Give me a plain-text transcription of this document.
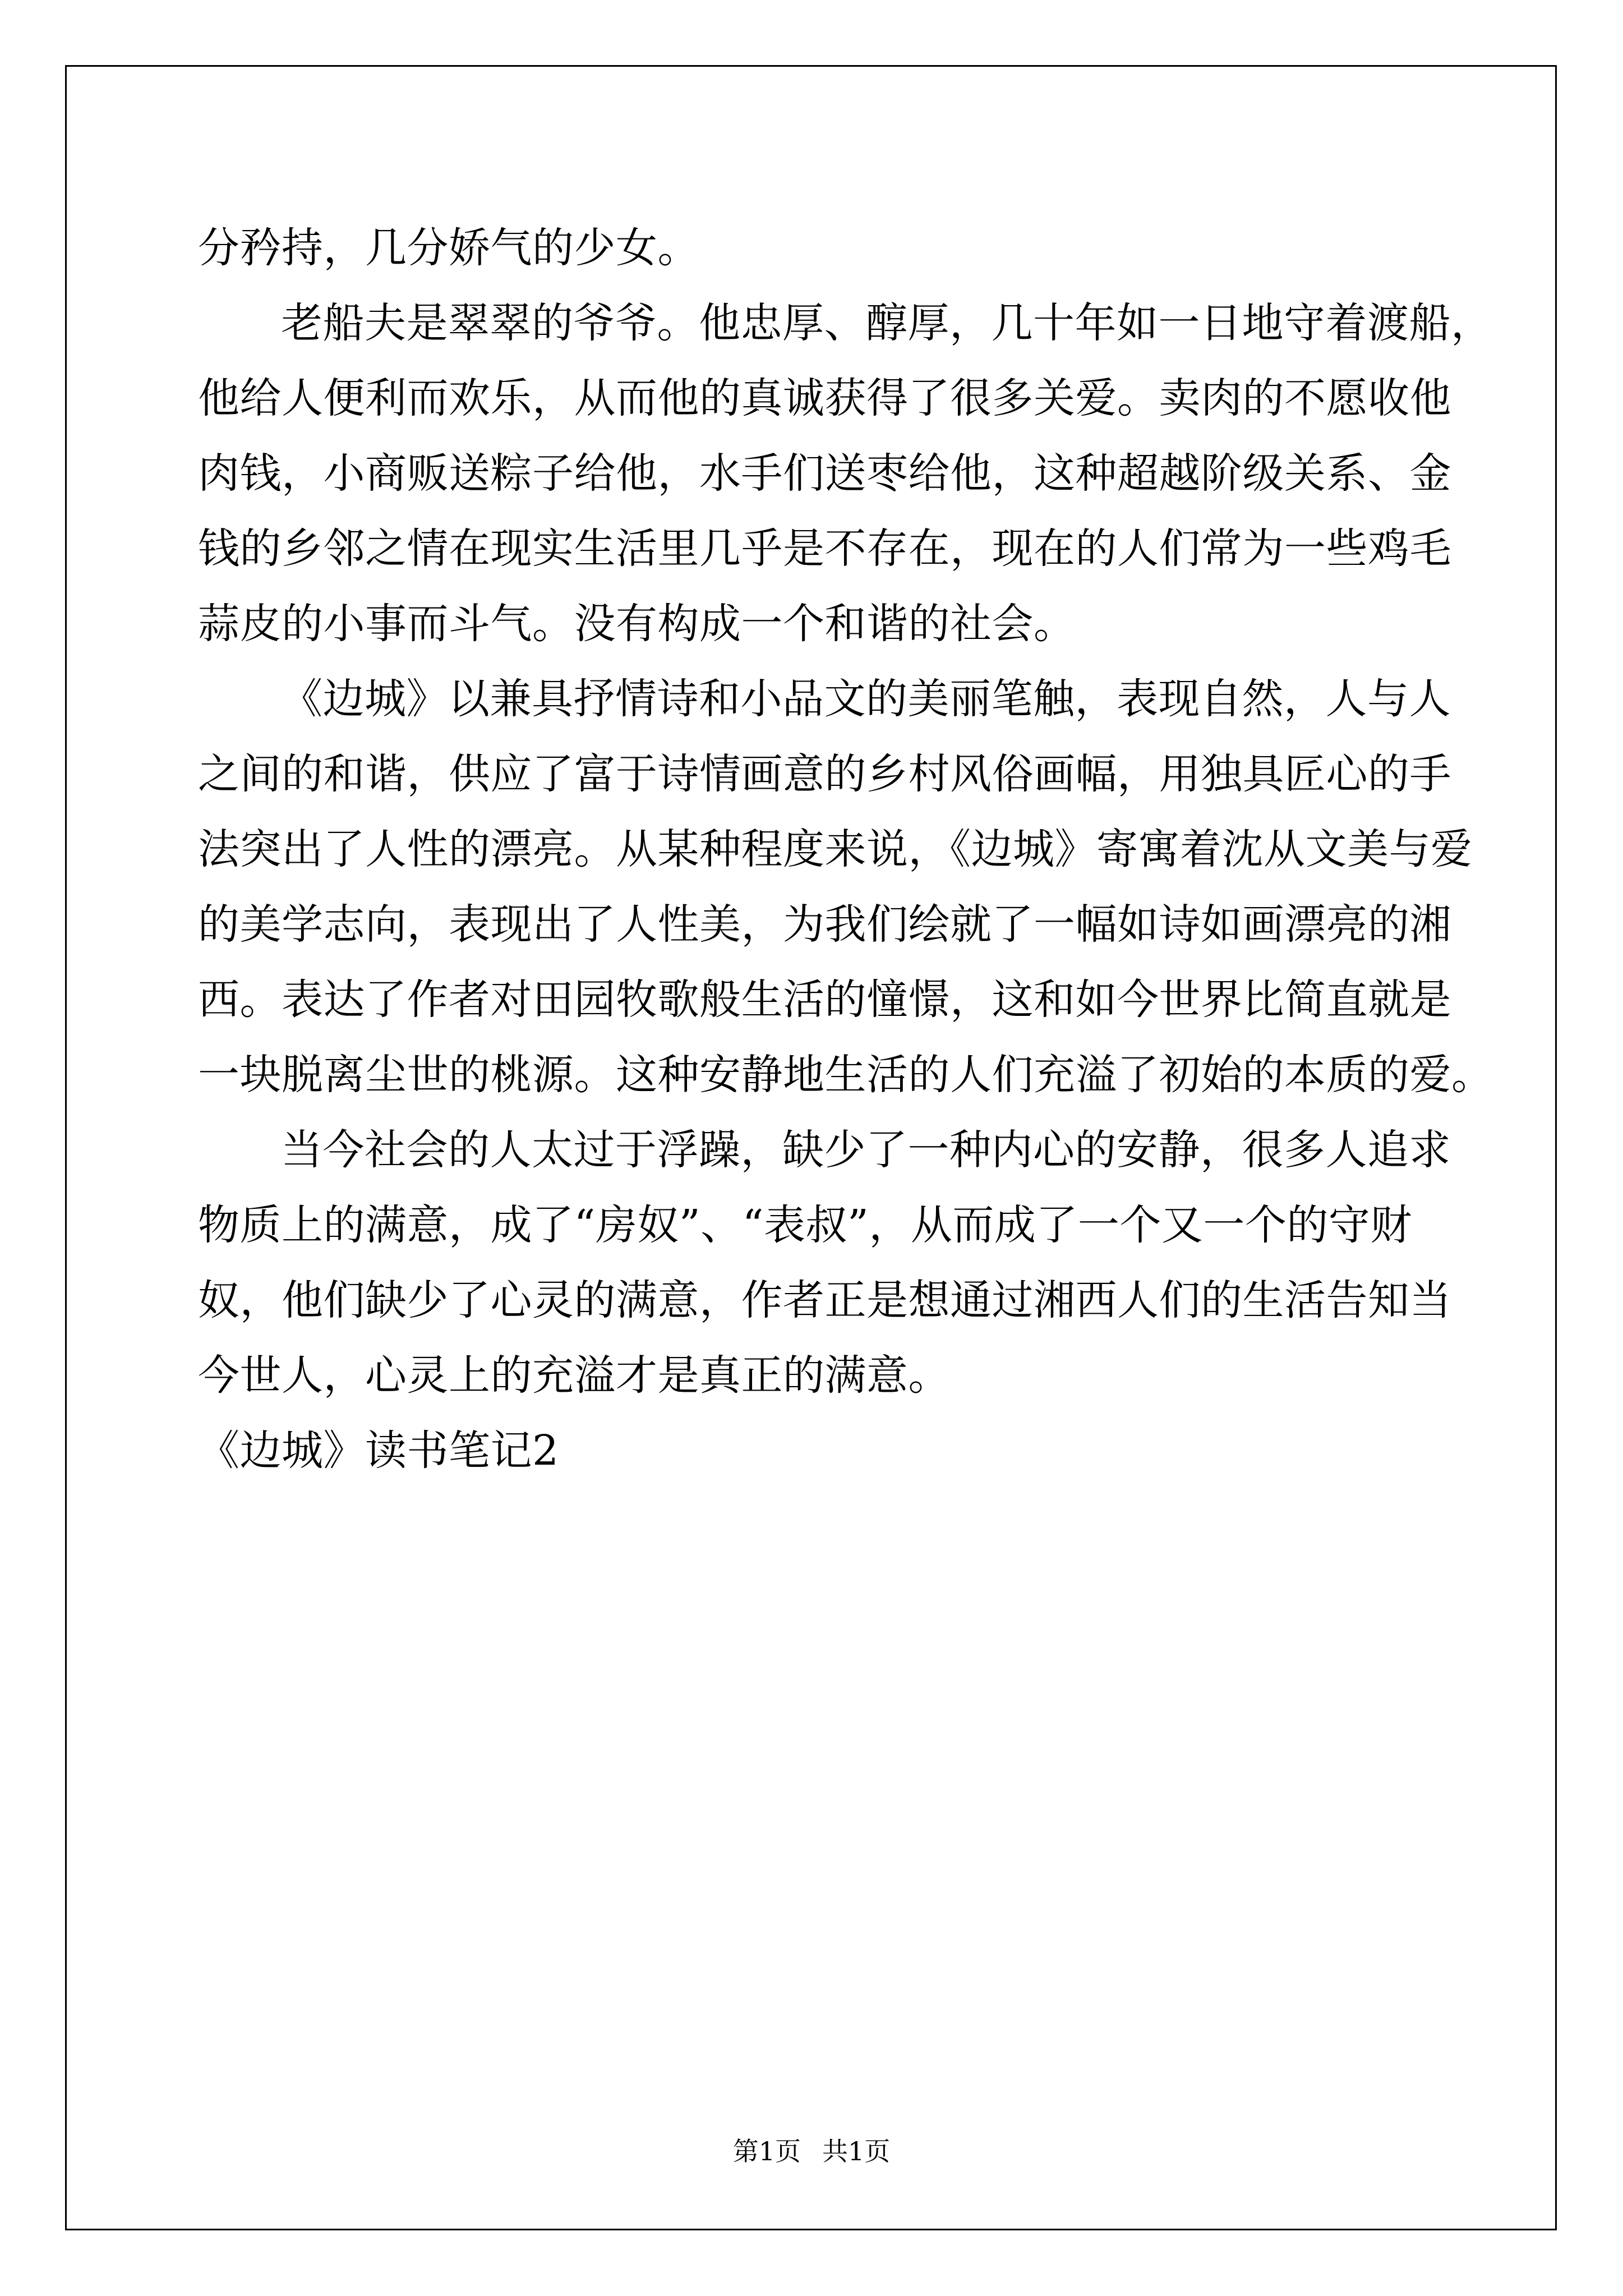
分矜持，几分娇气的少女。
老船夫是翠翠的爷爷。他忠厚、醇厚，几十年如一日地守着渡船，
他给人便利而欢乐，从而他的真诚获得了很多关爱。卖肉的不愿收他
肉钱，小商贩送粽子给他，水手们送枣给他，这种超越阶级关系、金
钱的乡邻之情在现实生活里几乎是不存在，现在的人们常为一些鸡毛
蒜皮的小事而斗气。没有构成一个和谐的社会。
《边城》以兼具抒情诗和小品文的美丽笔触，表现自然，人与人
之间的和谐，供应了富于诗情画意的乡村风俗画幅，用独具匠心的手
法突出了人性的漂亮。从某种程度来说，《边城》寄寓着沈从文美与爱
的美学志向，表现出了人性美，为我们绘就了一幅如诗如画漂亮的湘
西。表达了作者对田园牧歌般生活的憧憬，这和如今世界比简直就是
一块脱离尘世的桃源。这种安静地生活的人们充溢了初始的本质的爱。
当今社会的人太过于浮躁，缺少了一种内心的安静，很多人追求
物质上的满意，成了“房奴”、“表叔”，从而成了一个又一个的守财
奴，他们缺少了心灵的满意，作者正是想通过湘西人们的生活告知当
今世人，心灵上的充溢才是真正的满意。
《边城》读书笔记2
第1页 共1页
